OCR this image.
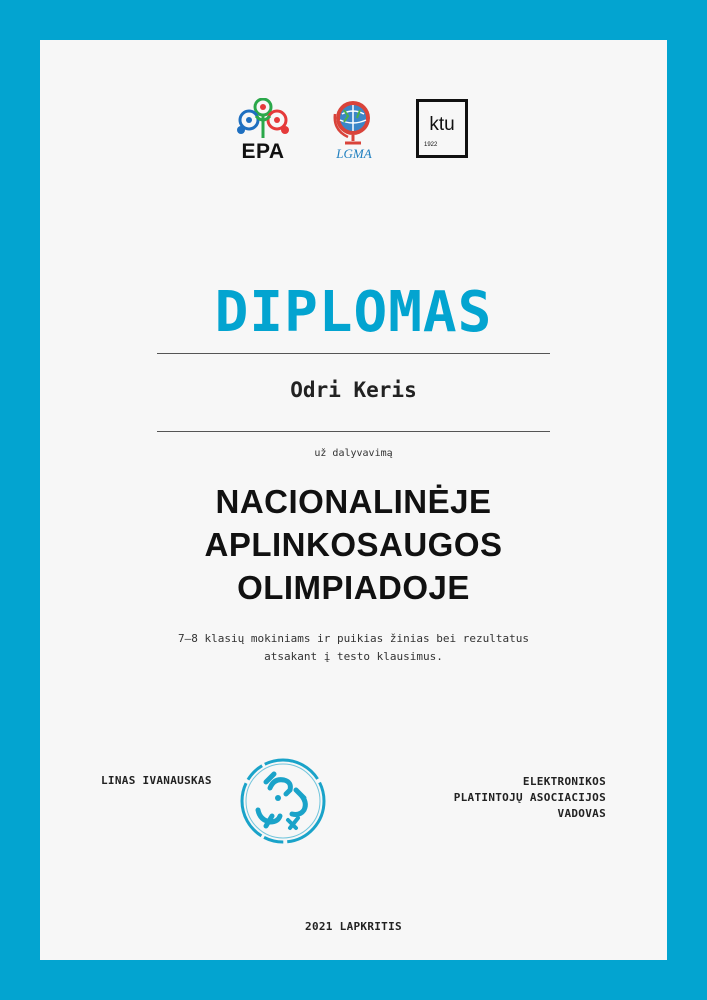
EPA	LGMA
ktu
1922
DIPLOMAS
Odri Keris
už dalyvavimą
NACIONALINĖJE
APLINKOSAUGOS
OLIMPIADOJE
7–8 klasių mokiniams ir puikias žinias bei rezultatus atsakant į testo klausimus.
LINAS IVANAUSKAS	ELEKTRONIKOS
PLATINTOJŲ ASOCIACIJOS
VADOVAS
2021 LAPKRITIS
